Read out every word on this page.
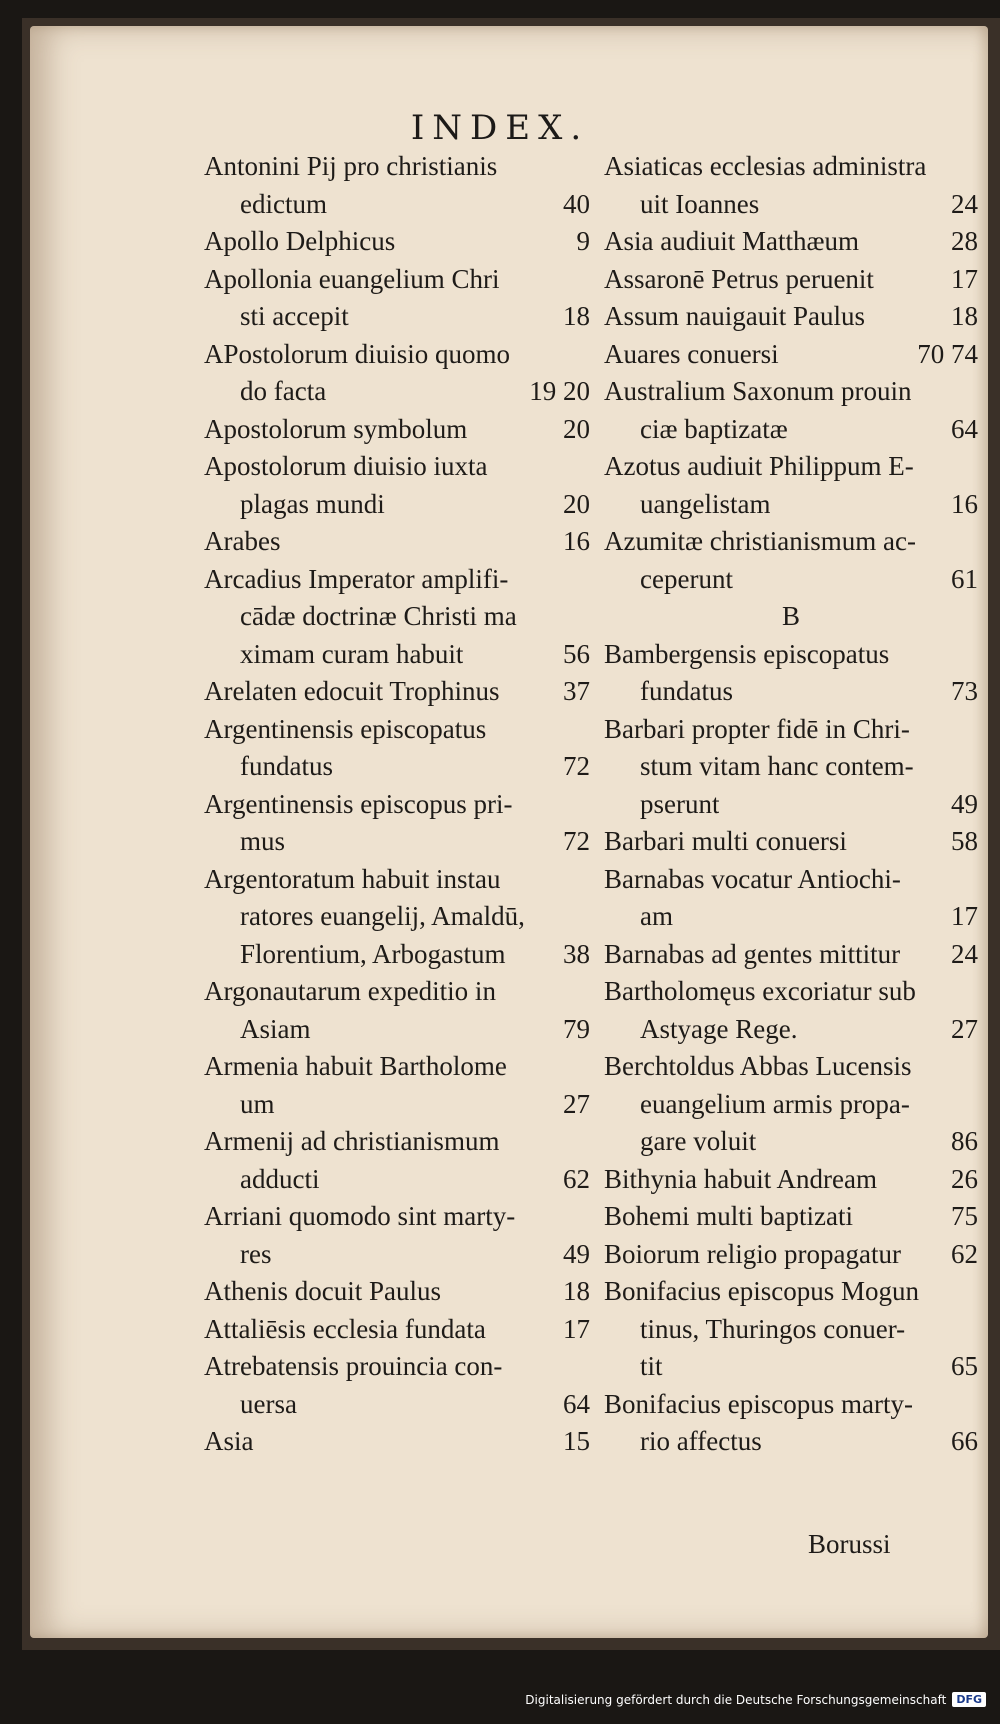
INDEX.
Antonini Pij pro christianis
edictum	40
Apollo Delphicus	9
Apollonia euangelium Chri
sti accepit	18
APostolorum diuisio quomo
do facta	19 20
Apostolorum symbolum	20
Apostolorum diuisio iuxta
plagas mundi	20
Arabes	16
Arcadius Imperator amplifi-
cādæ doctrinæ Christi ma
ximam curam habuit	56
Arelaten edocuit Trophinus	37
Argentinensis episcopatus
fundatus	72
Argentinensis episcopus pri-
mus	72
Argentoratum habuit instau
ratores euangelij, Amaldū,
Florentium, Arbogastum	38
Argonautarum expeditio in
Asiam	79
Armenia habuit Bartholome
um	27
Armenij ad christianismum
adducti	62
Arriani quomodo sint marty-
res	49
Athenis docuit Paulus	18
Attaliēsis ecclesia fundata	17
Atrebatensis prouincia con-
uersa	64
Asia	15
Asiaticas ecclesias administra
uit Ioannes	24
Asia audiuit Matthæum	28
Assaronē Petrus peruenit	17
Assum nauigauit Paulus	18
Auares conuersi	70 74
Australium Saxonum prouin
ciæ baptizatæ	64
Azotus audiuit Philippum E-
uangelistam	16
Azumitæ christianismum ac-
ceperunt	61
B
Bambergensis episcopatus
fundatus	73
Barbari propter fidē in Chri-
stum vitam hanc contem-
pserunt	49
Barbari multi conuersi	58
Barnabas vocatur Antiochi-
am	17
Barnabas ad gentes mittitur	24
Bartholomęus excoriatur sub
Astyage Rege.	27
Berchtoldus Abbas Lucensis
euangelium armis propa-
gare voluit	86
Bithynia habuit Andream	26
Bohemi multi baptizati	75
Boiorum religio propagatur	62
Bonifacius episcopus Mogun
tinus, Thuringos conuer-
tit	65
Bonifacius episcopus marty-
rio affectus	66
Borussi
Digitalisierung gefördert durch die Deutsche Forschungsgemeinschaft DFG
